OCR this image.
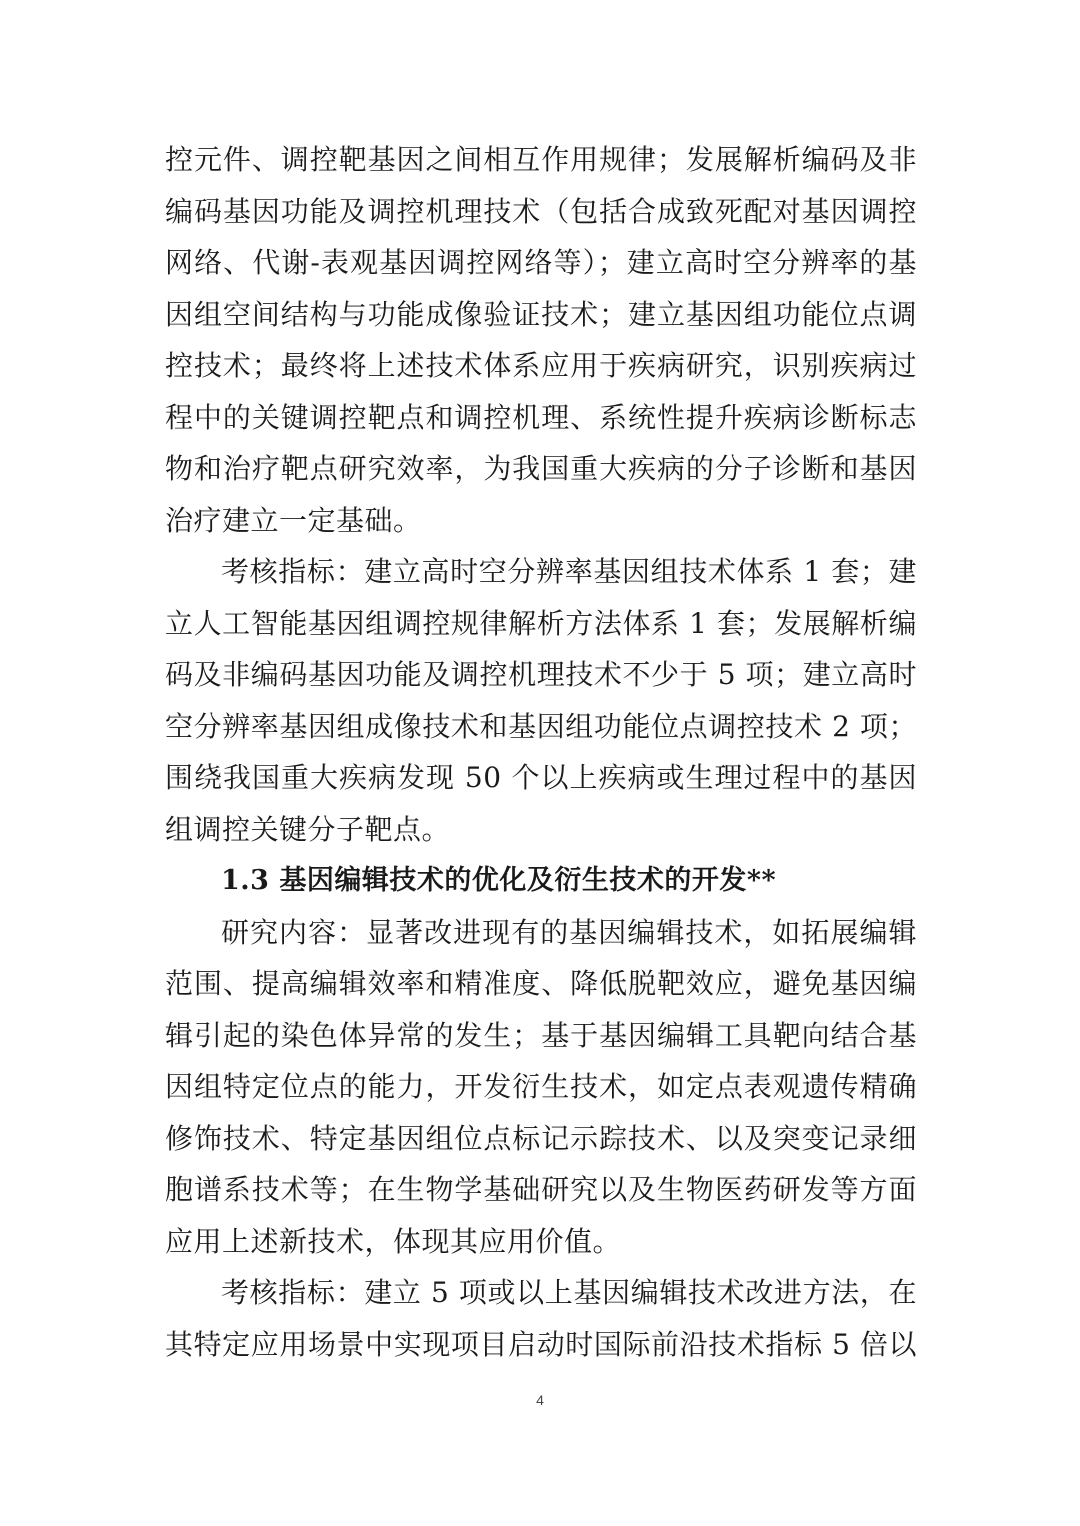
控元件、调控靶基因之间相互作用规律；发展解析编码及非
编码基因功能及调控机理技术（包括合成致死配对基因调控
网络、代谢-表观基因调控网络等）；建立高时空分辨率的基
因组空间结构与功能成像验证技术；建立基因组功能位点调
控技术；最终将上述技术体系应用于疾病研究，识别疾病过
程中的关键调控靶点和调控机理、系统性提升疾病诊断标志
物和治疗靶点研究效率，为我国重大疾病的分子诊断和基因
治疗建立一定基础。
考核指标：建立高时空分辨率基因组技术体系 1 套；建
立人工智能基因组调控规律解析方法体系 1 套；发展解析编
码及非编码基因功能及调控机理技术不少于 5 项；建立高时
空分辨率基因组成像技术和基因组功能位点调控技术 2 项；
围绕我国重大疾病发现 50 个以上疾病或生理过程中的基因
组调控关键分子靶点。
1.3 基因编辑技术的优化及衍生技术的开发**
研究内容：显著改进现有的基因编辑技术，如拓展编辑
范围、提高编辑效率和精准度、降低脱靶效应，避免基因编
辑引起的染色体异常的发生；基于基因编辑工具靶向结合基
因组特定位点的能力，开发衍生技术，如定点表观遗传精确
修饰技术、特定基因组位点标记示踪技术、以及突变记录细
胞谱系技术等；在生物学基础研究以及生物医药研发等方面
应用上述新技术，体现其应用价值。
考核指标：建立 5 项或以上基因编辑技术改进方法，在
其特定应用场景中实现项目启动时国际前沿技术指标 5 倍以
4
